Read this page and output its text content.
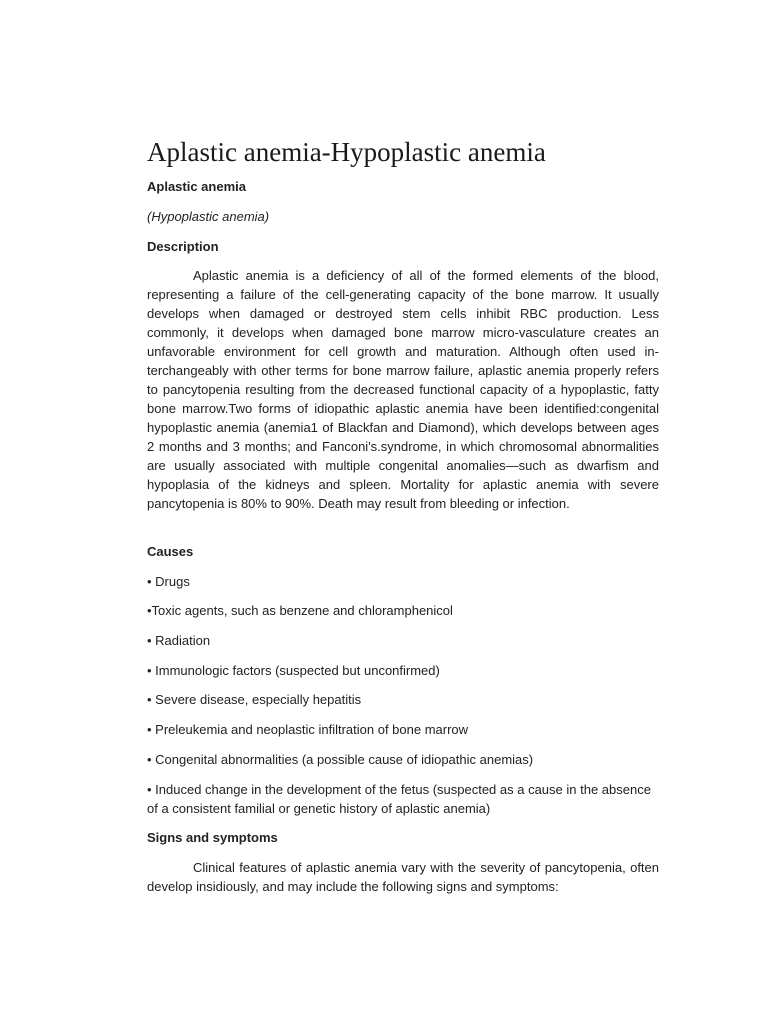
Aplastic anemia-Hypoplastic anemia

Aplastic anemia

(Hypoplastic anemia)

Description

Aplastic anemia is a deficiency of all of the formed elements of the blood, representing a failure of the cell-generating capacity of the bone marrow. It usually develops when damaged or destroyed stem cells inhibit RBC production. Less commonly, it develops when damaged bone marrow micro-vasculature creates an unfavorable environment for cell growth and maturation. Although often used in-terchangeably with other terms for bone marrow failure, aplastic anemia properly refers to pancytopenia resulting from the decreased functional capacity of a hypoplastic, fatty bone marrow.Two forms of idiopathic aplastic anemia have been identified:congenital hypoplastic anemia (anemia1 of Blackfan and Diamond), which develops between ages 2 months and 3 months; and Fanconi's.syndrome, in which chromosomal abnormalities are usually associated with multiple congenital anomalies—such as dwarfism and hypoplasia of the kidneys and spleen. Mortality for aplastic anemia with severe pancytopenia is 80% to 90%. Death may result from bleeding or infection.

Causes

• Drugs

•Toxic agents, such as benzene and chloramphenicol

• Radiation

• Immunologic factors (suspected but unconfirmed)

• Severe disease, especially hepatitis

• Preleukemia and neoplastic infiltration of bone marrow

• Congenital abnormalities (a possible cause of idiopathic anemias)

• Induced change in the development of the fetus (suspected as a cause in the absence of a consistent familial or genetic history of aplastic anemia)

Signs and symptoms

Clinical features of aplastic anemia vary with the severity of pancytopenia, often develop insidiously, and may include the following signs and symptoms:
